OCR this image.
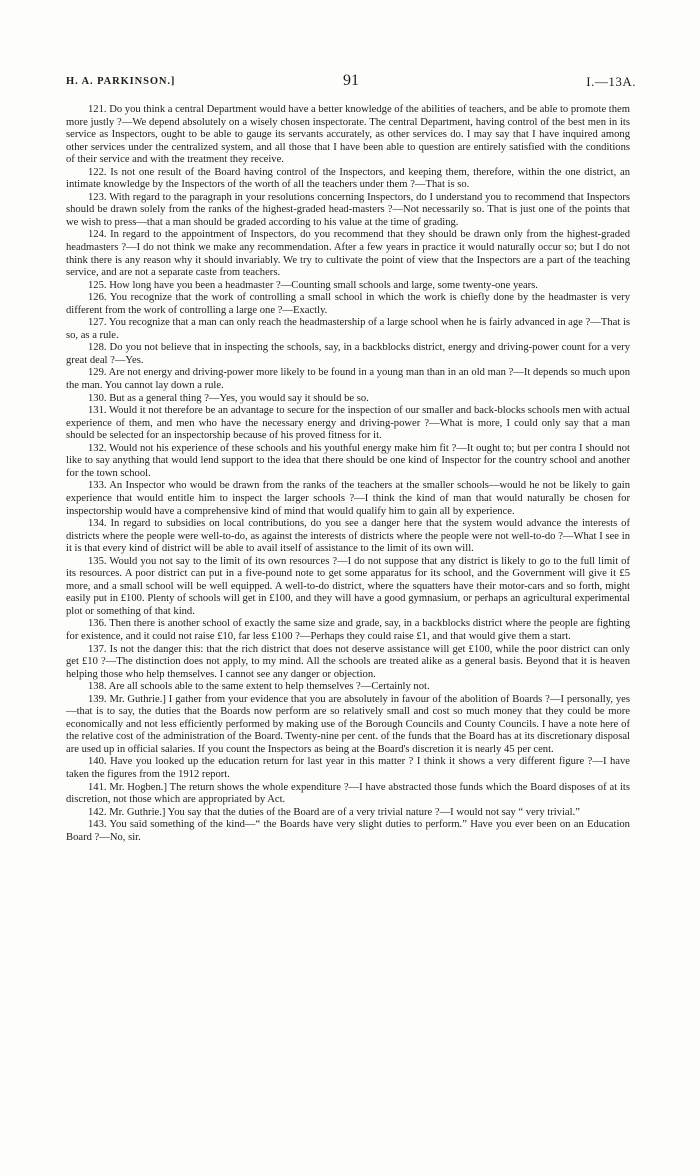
H. A. PARKINSON.]	91	I.—13A.

121. Do you think a central Department would have a better knowledge of the abilities of teachers, and be able to promote them more justly ?—We depend absolutely on a wisely chosen inspectorate. The central Department, having control of the best men in its service as Inspectors, ought to be able to gauge its servants accurately, as other services do. I may say that I have inquired among other services under the centralized system, and all those that I have been able to question are entirely satisfied with the conditions of their service and with the treatment they receive.

122. Is not one result of the Board having control of the Inspectors, and keeping them, therefore, within the one district, an intimate knowledge by the Inspectors of the worth of all the teachers under them ?—That is so.

123. With regard to the paragraph in your resolutions concerning Inspectors, do I understand you to recommend that Inspectors should be drawn solely from the ranks of the highest-graded head-masters ?—Not necessarily so. That is just one of the points that we wish to press—that a man should be graded according to his value at the time of grading.

124. In regard to the appointment of Inspectors, do you recommend that they should be drawn only from the highest-graded headmasters ?—I do not think we make any recommendation. After a few years in practice it would naturally occur so; but I do not think there is any reason why it should invariably. We try to cultivate the point of view that the Inspectors are a part of the teaching service, and are not a separate caste from teachers.

125. How long have you been a headmaster ?—Counting small schools and large, some twenty-one years.

126. You recognize that the work of controlling a small school in which the work is chiefly done by the headmaster is very different from the work of controlling a large one ?—Exactly.

127. You recognize that a man can only reach the headmastership of a large school when he is fairly advanced in age ?—That is so, as a rule.

128. Do you not believe that in inspecting the schools, say, in a backblocks district, energy and driving-power count for a very great deal ?—Yes.

129. Are not energy and driving-power more likely to be found in a young man than in an old man ?—It depends so much upon the man. You cannot lay down a rule.

130. But as a general thing ?—Yes, you would say it should be so.

131. Would it not therefore be an advantage to secure for the inspection of our smaller and back-blocks schools men with actual experience of them, and men who have the necessary energy and driving-power ?—What is more, I could only say that a man should be selected for an inspectorship because of his proved fitness for it.

132. Would not his experience of these schools and his youthful energy make him fit ?—It ought to; but per contra I should not like to say anything that would lend support to the idea that there should be one kind of Inspector for the country school and another for the town school.

133. An Inspector who would be drawn from the ranks of the teachers at the smaller schools—would he not be likely to gain experience that would entitle him to inspect the larger schools ?—I think the kind of man that would naturally be chosen for inspectorship would have a comprehensive kind of mind that would qualify him to gain all by experience.

134. In regard to subsidies on local contributions, do you see a danger here that the system would advance the interests of districts where the people were well-to-do, as against the interests of districts where the people were not well-to-do ?—What I see in it is that every kind of district will be able to avail itself of assistance to the limit of its own will.

135. Would you not say to the limit of its own resources ?—I do not suppose that any district is likely to go to the full limit of its resources. A poor district can put in a five-pound note to get some apparatus for its school, and the Government will give it £5 more, and a small school will be well equipped. A well-to-do district, where the squatters have their motor-cars and so forth, might easily put in £100. Plenty of schools will get in £100, and they will have a good gymnasium, or perhaps an agricultural experimental plot or something of that kind.

136. Then there is another school of exactly the same size and grade, say, in a backblocks district where the people are fighting for existence, and it could not raise £10, far less £100 ?—Perhaps they could raise £1, and that would give them a start.

137. Is not the danger this: that the rich district that does not deserve assistance will get £100, while the poor district can only get £10 ?—The distinction does not apply, to my mind. All the schools are treated alike as a general basis. Beyond that it is heaven helping those who help themselves. I cannot see any danger or objection.

138. Are all schools able to the same extent to help themselves ?—Certainly not.

139. Mr. Guthrie.] I gather from your evidence that you are absolutely in favour of the abolition of Boards ?—I personally, yes—that is to say, the duties that the Boards now perform are so relatively small and cost so much money that they could be more economically and not less efficiently performed by making use of the Borough Councils and County Councils. I have a note here of the relative cost of the administration of the Board. Twenty-nine per cent. of the funds that the Board has at its discretionary disposal are used up in official salaries. If you count the Inspectors as being at the Board's discretion it is nearly 45 per cent.

140. Have you looked up the education return for last year in this matter ? I think it shows a very different figure ?—I have taken the figures from the 1912 report.

141. Mr. Hogben.] The return shows the whole expenditure ?—I have abstracted those funds which the Board disposes of at its discretion, not those which are appropriated by Act.

142. Mr. Guthrie.] You say that the duties of the Board are of a very trivial nature ?—I would not say “ very trivial.”

143. You said something of the kind—“ the Boards have very slight duties to perform.” Have you ever been on an Education Board ?—No, sir.
